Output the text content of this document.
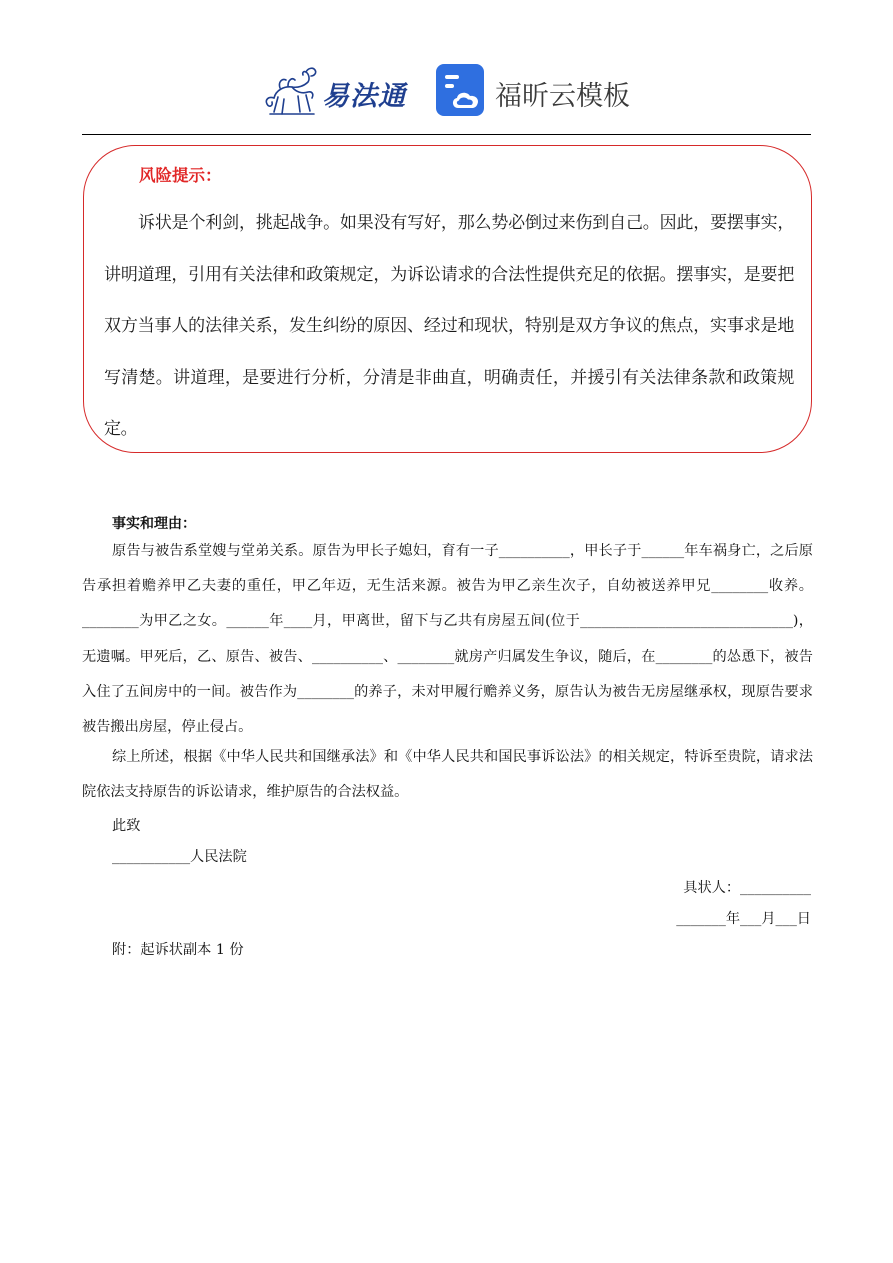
易法通	福昕云模板
风险提示：
诉状是个利剑，挑起战争。如果没有写好，那么势必倒过来伤到自己。因此，要摆事实，讲明道理，引用有关法律和政策规定，为诉讼请求的合法性提供充足的依据。摆事实，是要把双方当事人的法律关系，发生纠纷的原因、经过和现状，特别是双方争议的焦点，实事求是地写清楚。讲道理，是要进行分析，分清是非曲直，明确责任，并援引有关法律条款和政策规定。
事实和理由：
原告与被告系堂嫂与堂弟关系。原告为甲长子媳妇，育有一子__________，甲长子于______年车祸身亡，之后原告承担着赡养甲乙夫妻的重任，甲乙年迈，无生活来源。被告为甲乙亲生次子，自幼被送养甲兄________收养。________为甲乙之女。______年____月，甲离世，留下与乙共有房屋五间(位于______________________________)，无遗嘱。甲死后，乙、原告、被告、__________、________就房产归属发生争议，随后，在________的怂恿下，被告入住了五间房中的一间。被告作为________的养子，未对甲履行赡养义务，原告认为被告无房屋继承权，现原告要求被告搬出房屋，停止侵占。
综上所述，根据《中华人民共和国继承法》和《中华人民共和国民事诉讼法》的相关规定，特诉至贵院，请求法院依法支持原告的诉讼请求，维护原告的合法权益。
此致
___________人民法院
具状人：__________
_______年___月___日
附：起诉状副本 1 份
